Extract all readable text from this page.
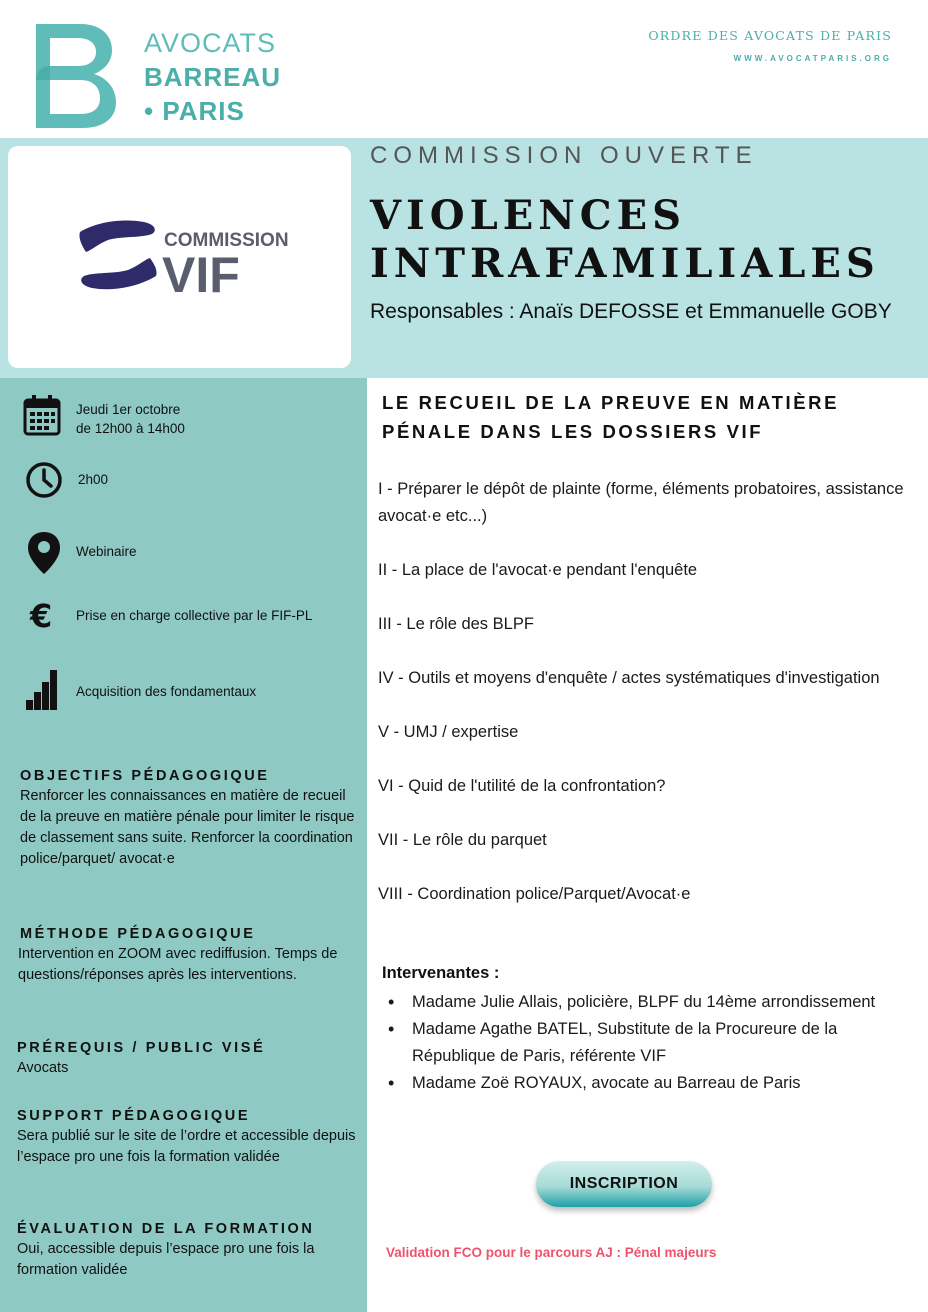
AVOCATS
BARREAU
• PARIS
ORDRE DES AVOCATS DE PARIS
WWW.AVOCATPARIS.ORG
COMMISSION
VIF
Jeudi 1er octobre
de 12h00 à 14h00
2h00
Webinaire
€ Prise en charge collective par le FIF-PL
Acquisition des fondamentaux
OBJECTIFS PÉDAGOGIQUE

Renforcer les connaissances en matière de recueil de la preuve en matière pénale pour limiter le risque de classement sans suite. Renforcer la coordination police/parquet/ avocat·e

MÉTHODE PÉDAGOGIQUE

Intervention en ZOOM avec rediffusion. Temps de questions/réponses après les interventions.

PRÉREQUIS / PUBLIC VISÉ

Avocats

SUPPORT PÉDAGOGIQUE

Sera publié sur le site de l’ordre et accessible depuis l’espace pro une fois la formation validée

ÉVALUATION DE LA FORMATION

Oui, accessible depuis l’espace pro une fois la formation validée

COMMISSION OUVERTE
VIOLENCES
INTRAFAMILIALES
Responsables : Anaïs DEFOSSE et Emmanuelle GOBY
LE RECUEIL DE LA PREUVE EN MATIÈRE PÉNALE DANS LES DOSSIERS VIF
I - Préparer le dépôt de plainte (forme, éléments probatoires, assistance avocat·e etc...)
II - La place de l'avocat·e pendant l'enquête
III - Le rôle des BLPF
IV - Outils et moyens d'enquête / actes systématiques d'investigation
V - UMJ / expertise
VI - Quid de l'utilité de la confrontation?
VII - Le rôle du parquet
VIII - Coordination police/Parquet/Avocat·e
Intervenantes :
• Madame Julie Allais, policière, BLPF du 14ème arrondissement
• Madame Agathe BATEL, Substitute de la Procureure de la République de Paris, référente VIF
• Madame Zoë ROYAUX, avocate au Barreau de Paris
INSCRIPTION
Validation FCO pour le parcours AJ : Pénal majeurs
